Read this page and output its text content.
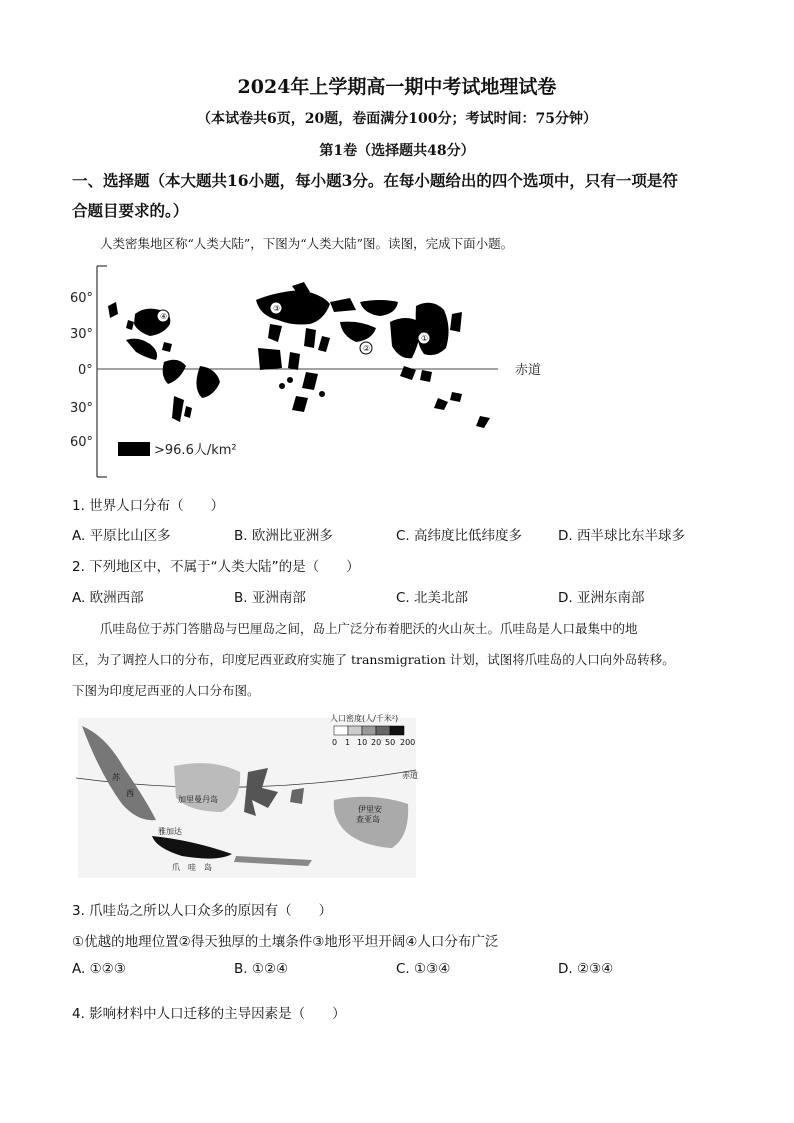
2024年上学期高一期中考试地理试卷
（本试卷共6页，20题，卷面满分100分；考试时间：75分钟）
第1卷（选择题共48分）
一、选择题（本大题共16小题，每小题3分。在每小题给出的四个选项中，只有一项是符
合题目要求的。）
人类密集地区称“人类大陆”，下图为“人类大陆”图。读图，完成下面小题。
60°
30°
0°
30°
60°
赤道
④
③
②
①
>96.6人/km²
1. 世界人口分布（　　）
A. 平原比山区多	B. 欧洲比亚洲多	C. 高纬度比低纬度多	D. 西半球比东半球多
2. 下列地区中，不属于“人类大陆”的是（　　）
A. 欧洲西部	B. 亚洲南部	C. 北美北部	D. 亚洲东南部
爪哇岛位于苏门答腊岛与巴厘岛之间，岛上广泛分布着肥沃的火山灰土。爪哇岛是人口最集中的地
区，为了调控人口的分布，印度尼西亚政府实施了 transmigration 计划，试图将爪哇岛的人口向外岛转移。
下图为印度尼西亚的人口分布图。
人口密度(人/千米²)
0 1 10 20 50 200
赤道
苏
西
加里曼丹岛
雅加达
爪　哇　岛
伊里安
查亚岛
3. 爪哇岛之所以人口众多的原因有（　　）
①优越的地理位置②得天独厚的土壤条件③地形平坦开阔④人口分布广泛
A. ①②③	B. ①②④	C. ①③④	D. ②③④
4. 影响材料中人口迁移的主导因素是（　　）
